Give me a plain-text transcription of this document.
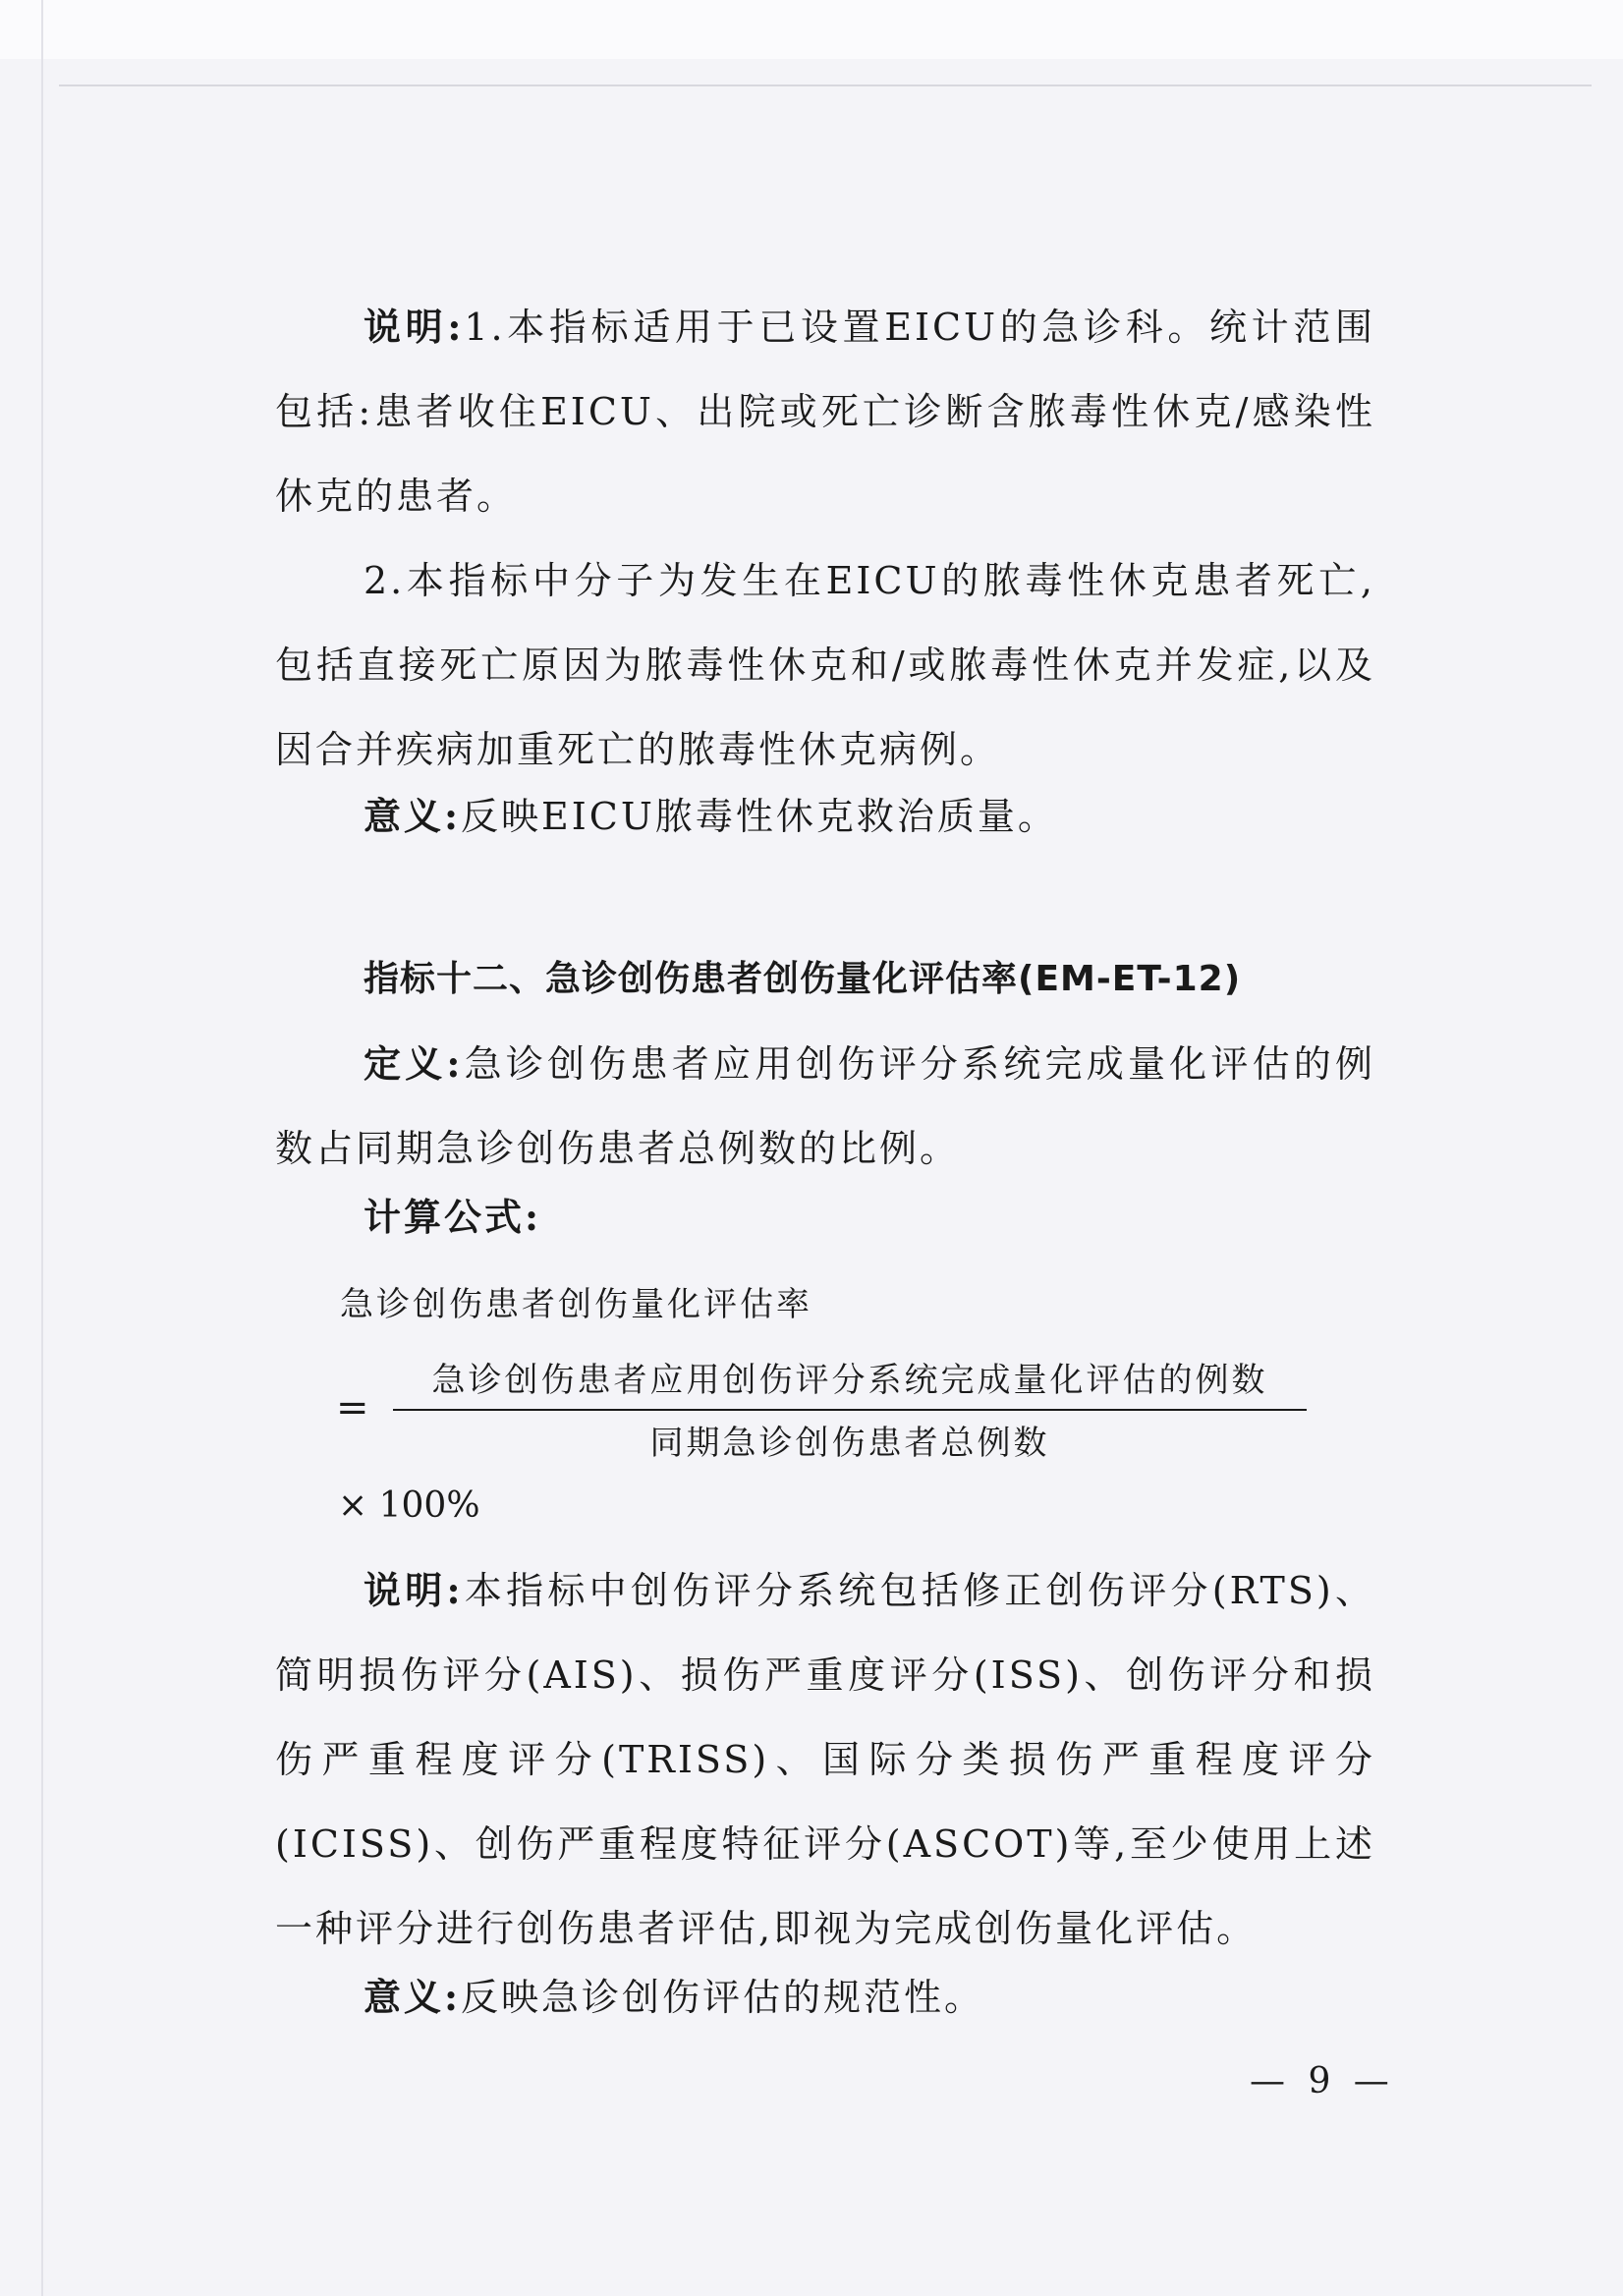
说明:1.本指标适用于已设置EICU的急诊科。统计范围包括:患者收住EICU、出院或死亡诊断含脓毒性休克/感染性休克的患者。

2.本指标中分子为发生在EICU的脓毒性休克患者死亡,包括直接死亡原因为脓毒性休克和/或脓毒性休克并发症,以及因合并疾病加重死亡的脓毒性休克病例。

意义:反映EICU脓毒性休克救治质量。

指标十二、急诊创伤患者创伤量化评估率(EM-ET-12)

定义:急诊创伤患者应用创伤评分系统完成量化评估的例数占同期急诊创伤患者总例数的比例。

计算公式:

急诊创伤患者创伤量化评估率
=
急诊创伤患者应用创伤评分系统完成量化评估的例数
同期急诊创伤患者总例数
× 100%

说明:本指标中创伤评分系统包括修正创伤评分(RTS)、简明损伤评分(AIS)、损伤严重度评分(ISS)、创伤评分和损伤严重程度评分(TRISS)、国际分类损伤严重程度评分(ICISS)、创伤严重程度特征评分(ASCOT)等,至少使用上述一种评分进行创伤患者评估,即视为完成创伤量化评估。

意义:反映急诊创伤评估的规范性。

— 9 —
